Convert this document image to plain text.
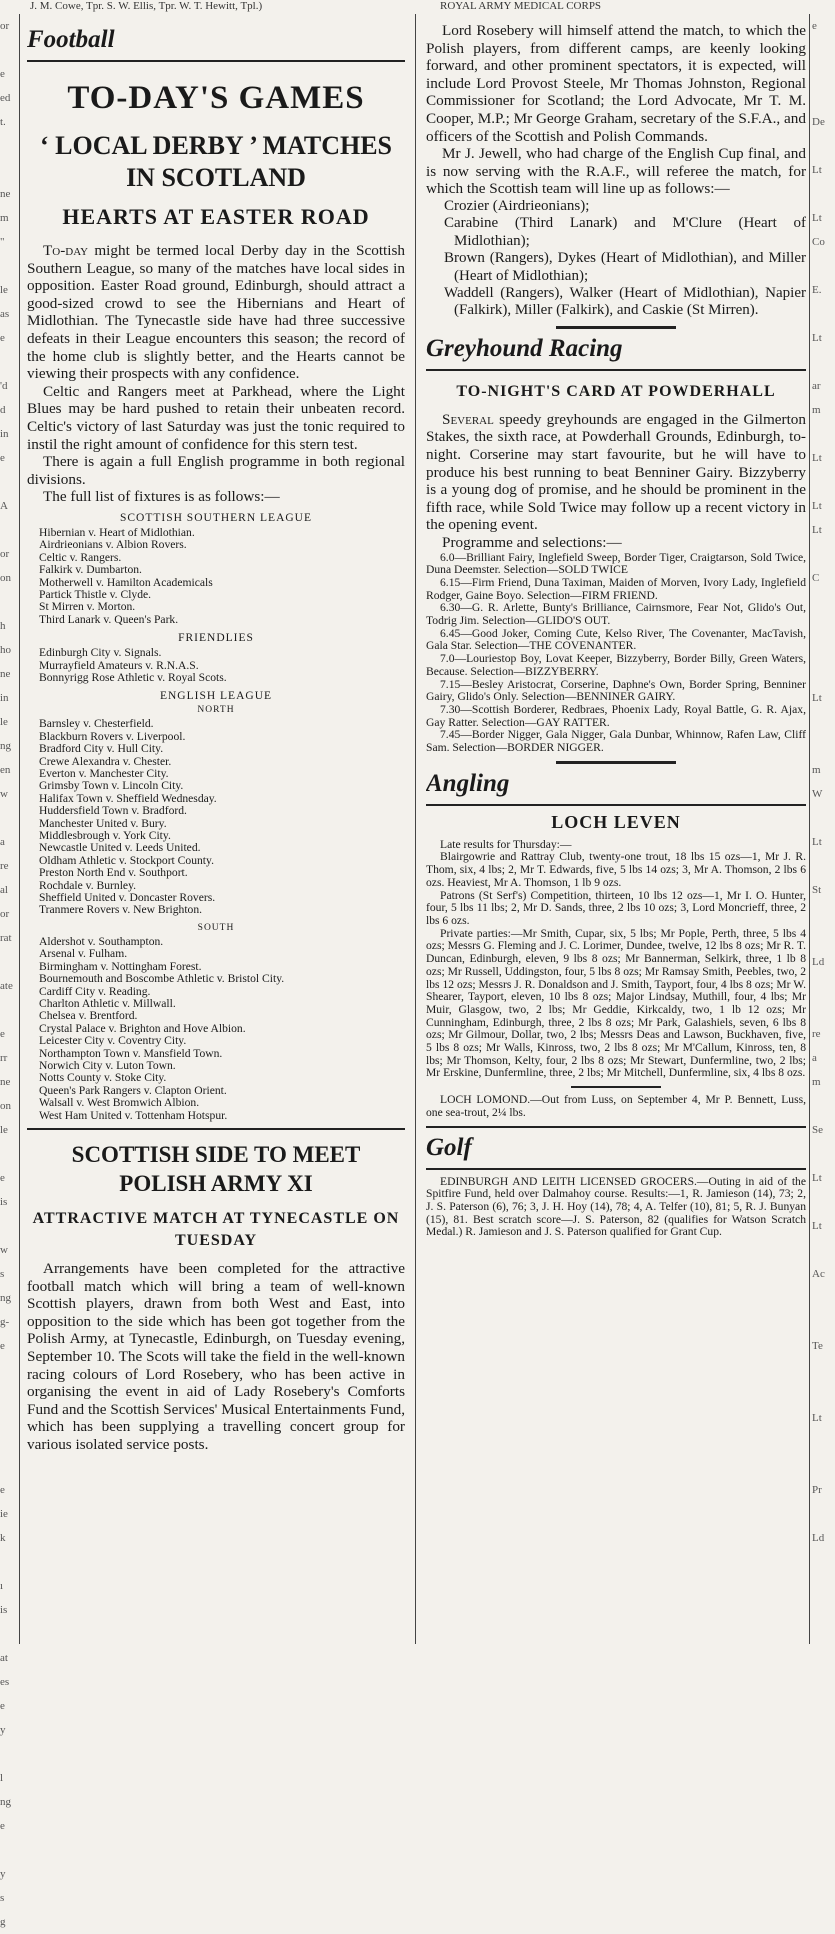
J. M. Cowe, Tpr. S. W. Ellis, Tpr. W. T. Hewitt, Tpl.)	ROYAL ARMY MEDICAL CORPS
or
e
ed
t.
ne
m
"
le
as
e
'd
d
in
e
A
or
on
h
ho
ne
in
le
ng
en
w
a
re
al
or
rat
ate
e
rr
ne
on
le
e
is
w
s
ng
g-
e
e
ie
k
ı
is
at
es
e
y
l
ng
e
y
s
g
e
De
Lt
Lt
Co
E.
Lt
ar
m
Lt
Lt
Lt
C
Lt
m
W
Lt
St
Ld
re
a
m
Se
Lt
Lt
Ac
Te
Lt
Pr
Ld
Football
TO-DAY'S GAMES
‘ LOCAL DERBY ’ MATCHES IN SCOTLAND
HEARTS AT EASTER ROAD

To-day might be termed local Derby day in the Scottish Southern League, so many of the matches have local sides in opposition. Easter Road ground, Edinburgh, should attract a good-sized crowd to see the Hibernians and Heart of Midlothian. The Tynecastle side have had three successive defeats in their League encounters this season; the record of the home club is slightly better, and the Hearts cannot be viewing their prospects with any confidence.

Celtic and Rangers meet at Parkhead, where the Light Blues may be hard pushed to retain their unbeaten record. Celtic's victory of last Saturday was just the tonic required to instil the right amount of confidence for this stern test.

There is again a full English programme in both regional divisions.

The full list of fixtures is as follows:—

SCOTTISH SOUTHERN LEAGUE
Hibernian v. Heart of Midlothian.
Airdrieonians v. Albion Rovers.
Celtic v. Rangers.
Falkirk v. Dumbarton.
Motherwell v. Hamilton Academicals
Partick Thistle v. Clyde.
St Mirren v. Morton.
Third Lanark v. Queen's Park.
FRIENDLIES
Edinburgh City v. Signals.
Murrayfield Amateurs v. R.N.A.S.
Bonnyrigg Rose Athletic v. Royal Scots.
ENGLISH LEAGUE
NORTH
Barnsley v. Chesterfield.
Blackburn Rovers v. Liverpool.
Bradford City v. Hull City.
Crewe Alexandra v. Chester.
Everton v. Manchester City.
Grimsby Town v. Lincoln City.
Halifax Town v. Sheffield Wednesday.
Huddersfield Town v. Bradford.
Manchester United v. Bury.
Middlesbrough v. York City.
Newcastle United v. Leeds United.
Oldham Athletic v. Stockport County.
Preston North End v. Southport.
Rochdale v. Burnley.
Sheffield United v. Doncaster Rovers.
Tranmere Rovers v. New Brighton.
SOUTH
Aldershot v. Southampton.
Arsenal v. Fulham.
Birmingham v. Nottingham Forest.
Bournemouth and Boscombe Athletic v. Bristol City.
Cardiff City v. Reading.
Charlton Athletic v. Millwall.
Chelsea v. Brentford.
Crystal Palace v. Brighton and Hove Albion.
Leicester City v. Coventry City.
Northampton Town v. Mansfield Town.
Norwich City v. Luton Town.
Notts County v. Stoke City.
Queen's Park Rangers v. Clapton Orient.
Walsall v. West Bromwich Albion.
West Ham United v. Tottenham Hotspur.
SCOTTISH SIDE TO MEET POLISH ARMY XI
ATTRACTIVE MATCH AT TYNECASTLE ON TUESDAY

Arrangements have been completed for the attractive football match which will bring a team of well-known Scottish players, drawn from both West and East, into opposition to the side which has been got together from the Polish Army, at Tynecastle, Edinburgh, on Tuesday evening, September 10. The Scots will take the field in the well-known racing colours of Lord Rosebery, who has been active in organising the event in aid of Lady Rosebery's Comforts Fund and the Scottish Services' Musical Entertainments Fund, which has been supplying a travelling concert group for various isolated service posts.

Lord Rosebery will himself attend the match, to which the Polish players, from different camps, are keenly looking forward, and other prominent spectators, it is expected, will include Lord Provost Steele, Mr Thomas Johnston, Regional Commissioner for Scotland; the Lord Advocate, Mr T. M. Cooper, M.P.; Mr George Graham, secretary of the S.F.A., and officers of the Scottish and Polish Commands.

Mr J. Jewell, who had charge of the English Cup final, and is now serving with the R.A.F., will referee the match, for which the Scottish team will line up as follows:—

Crozier (Airdrieonians);

Carabine (Third Lanark) and M'Clure (Heart of Midlothian);

Brown (Rangers), Dykes (Heart of Midlothian), and Miller (Heart of Midlothian);

Waddell (Rangers), Walker (Heart of Midlothian), Napier (Falkirk), Miller (Falkirk), and Caskie (St Mirren).

Greyhound Racing
TO-NIGHT'S CARD AT POWDERHALL

Several speedy greyhounds are engaged in the Gilmerton Stakes, the sixth race, at Powderhall Grounds, Edinburgh, to-night. Corserine may start favourite, but he will have to produce his best running to beat Benniner Gairy. Bizzyberry is a young dog of promise, and he should be prominent in the fifth race, while Sold Twice may follow up a recent victory in the opening event.

Programme and selections:—

6.0—Brilliant Fairy, Inglefield Sweep, Border Tiger, Craigtarson, Sold Twice, Duna Deemster. Selection—SOLD TWICE

6.15—Firm Friend, Duna Taximan, Maiden of Morven, Ivory Lady, Inglefield Rodger, Gaine Boyo. Selection—FIRM FRIEND.

6.30—G. R. Arlette, Bunty's Brilliance, Cairnsmore, Fear Not, Glido's Out, Todrig Jim. Selection—GLIDO'S OUT.

6.45—Good Joker, Coming Cute, Kelso River, The Covenanter, MacTavish, Gala Star. Selection—THE COVENANTER.

7.0—Louriestop Boy, Lovat Keeper, Bizzyberry, Border Billy, Green Waters, Because. Selection—BIZZYBERRY.

7.15—Besley Aristocrat, Corserine, Daphne's Own, Border Spring, Benniner Gairy, Glido's Only. Selection—BENNINER GAIRY.

7.30—Scottish Borderer, Redbraes, Phoenix Lady, Royal Battle, G. R. Ajax, Gay Ratter. Selection—GAY RATTER.

7.45—Border Nigger, Gala Nigger, Gala Dunbar, Whinnow, Rafen Law, Cliff Sam. Selection—BORDER NIGGER.

Angling
LOCH LEVEN

Late results for Thursday:—

Blairgowrie and Rattray Club, twenty-one trout, 18 lbs 15 ozs—1, Mr J. R. Thom, six, 4 lbs; 2, Mr T. Edwards, five, 5 lbs 14 ozs; 3, Mr A. Thomson, 2 lbs 6 ozs. Heaviest, Mr A. Thomson, 1 lb 9 ozs.

Patrons (St Serf's) Competition, thirteen, 10 lbs 12 ozs—1, Mr I. O. Hunter, four, 5 lbs 11 lbs; 2, Mr D. Sands, three, 2 lbs 10 ozs; 3, Lord Moncrieff, three, 2 lbs 6 ozs.

Private parties:—Mr Smith, Cupar, six, 5 lbs; Mr Pople, Perth, three, 5 lbs 4 ozs; Messrs G. Fleming and J. C. Lorimer, Dundee, twelve, 12 lbs 8 ozs; Mr R. T. Duncan, Edinburgh, eleven, 9 lbs 8 ozs; Mr Bannerman, Selkirk, three, 1 lb 8 ozs; Mr Russell, Uddingston, four, 5 lbs 8 ozs; Mr Ramsay Smith, Peebles, two, 2 lbs 12 ozs; Messrs J. R. Donaldson and J. Smith, Tayport, four, 4 lbs 8 ozs; Mr W. Shearer, Tayport, eleven, 10 lbs 8 ozs; Major Lindsay, Muthill, four, 4 lbs; Mr Muir, Glasgow, two, 2 lbs; Mr Geddie, Kirkcaldy, two, 1 lb 12 ozs; Mr Cunningham, Edinburgh, three, 2 lbs 8 ozs; Mr Park, Galashiels, seven, 6 lbs 8 ozs; Mr Gilmour, Dollar, two, 2 lbs; Messrs Deas and Lawson, Buckhaven, five, 5 lbs 8 ozs; Mr Walls, Kinross, two, 2 lbs 8 ozs; Mr M'Callum, Kinross, ten, 8 lbs; Mr Thomson, Kelty, four, 2 lbs 8 ozs; Mr Stewart, Dunfermline, two, 2 lbs; Mr Erskine, Dunfermline, three, 2 lbs; Mr Mitchell, Dunfermline, six, 4 lbs 8 ozs.

LOCH LOMOND.—Out from Luss, on September 4, Mr P. Bennett, Luss, one sea-trout, 2¼ lbs.

Golf

EDINBURGH AND LEITH LICENSED GROCERS.—Outing in aid of the Spitfire Fund, held over Dalmahoy course. Results:—1, R. Jamieson (14), 73; 2, J. S. Paterson (6), 76; 3, J. H. Hoy (14), 78; 4, A. Telfer (10), 81; 5, R. J. Bunyan (15), 81. Best scratch score—J. S. Paterson, 82 (qualifies for Watson Scratch Medal.) R. Jamieson and J. S. Paterson qualified for Grant Cup.
